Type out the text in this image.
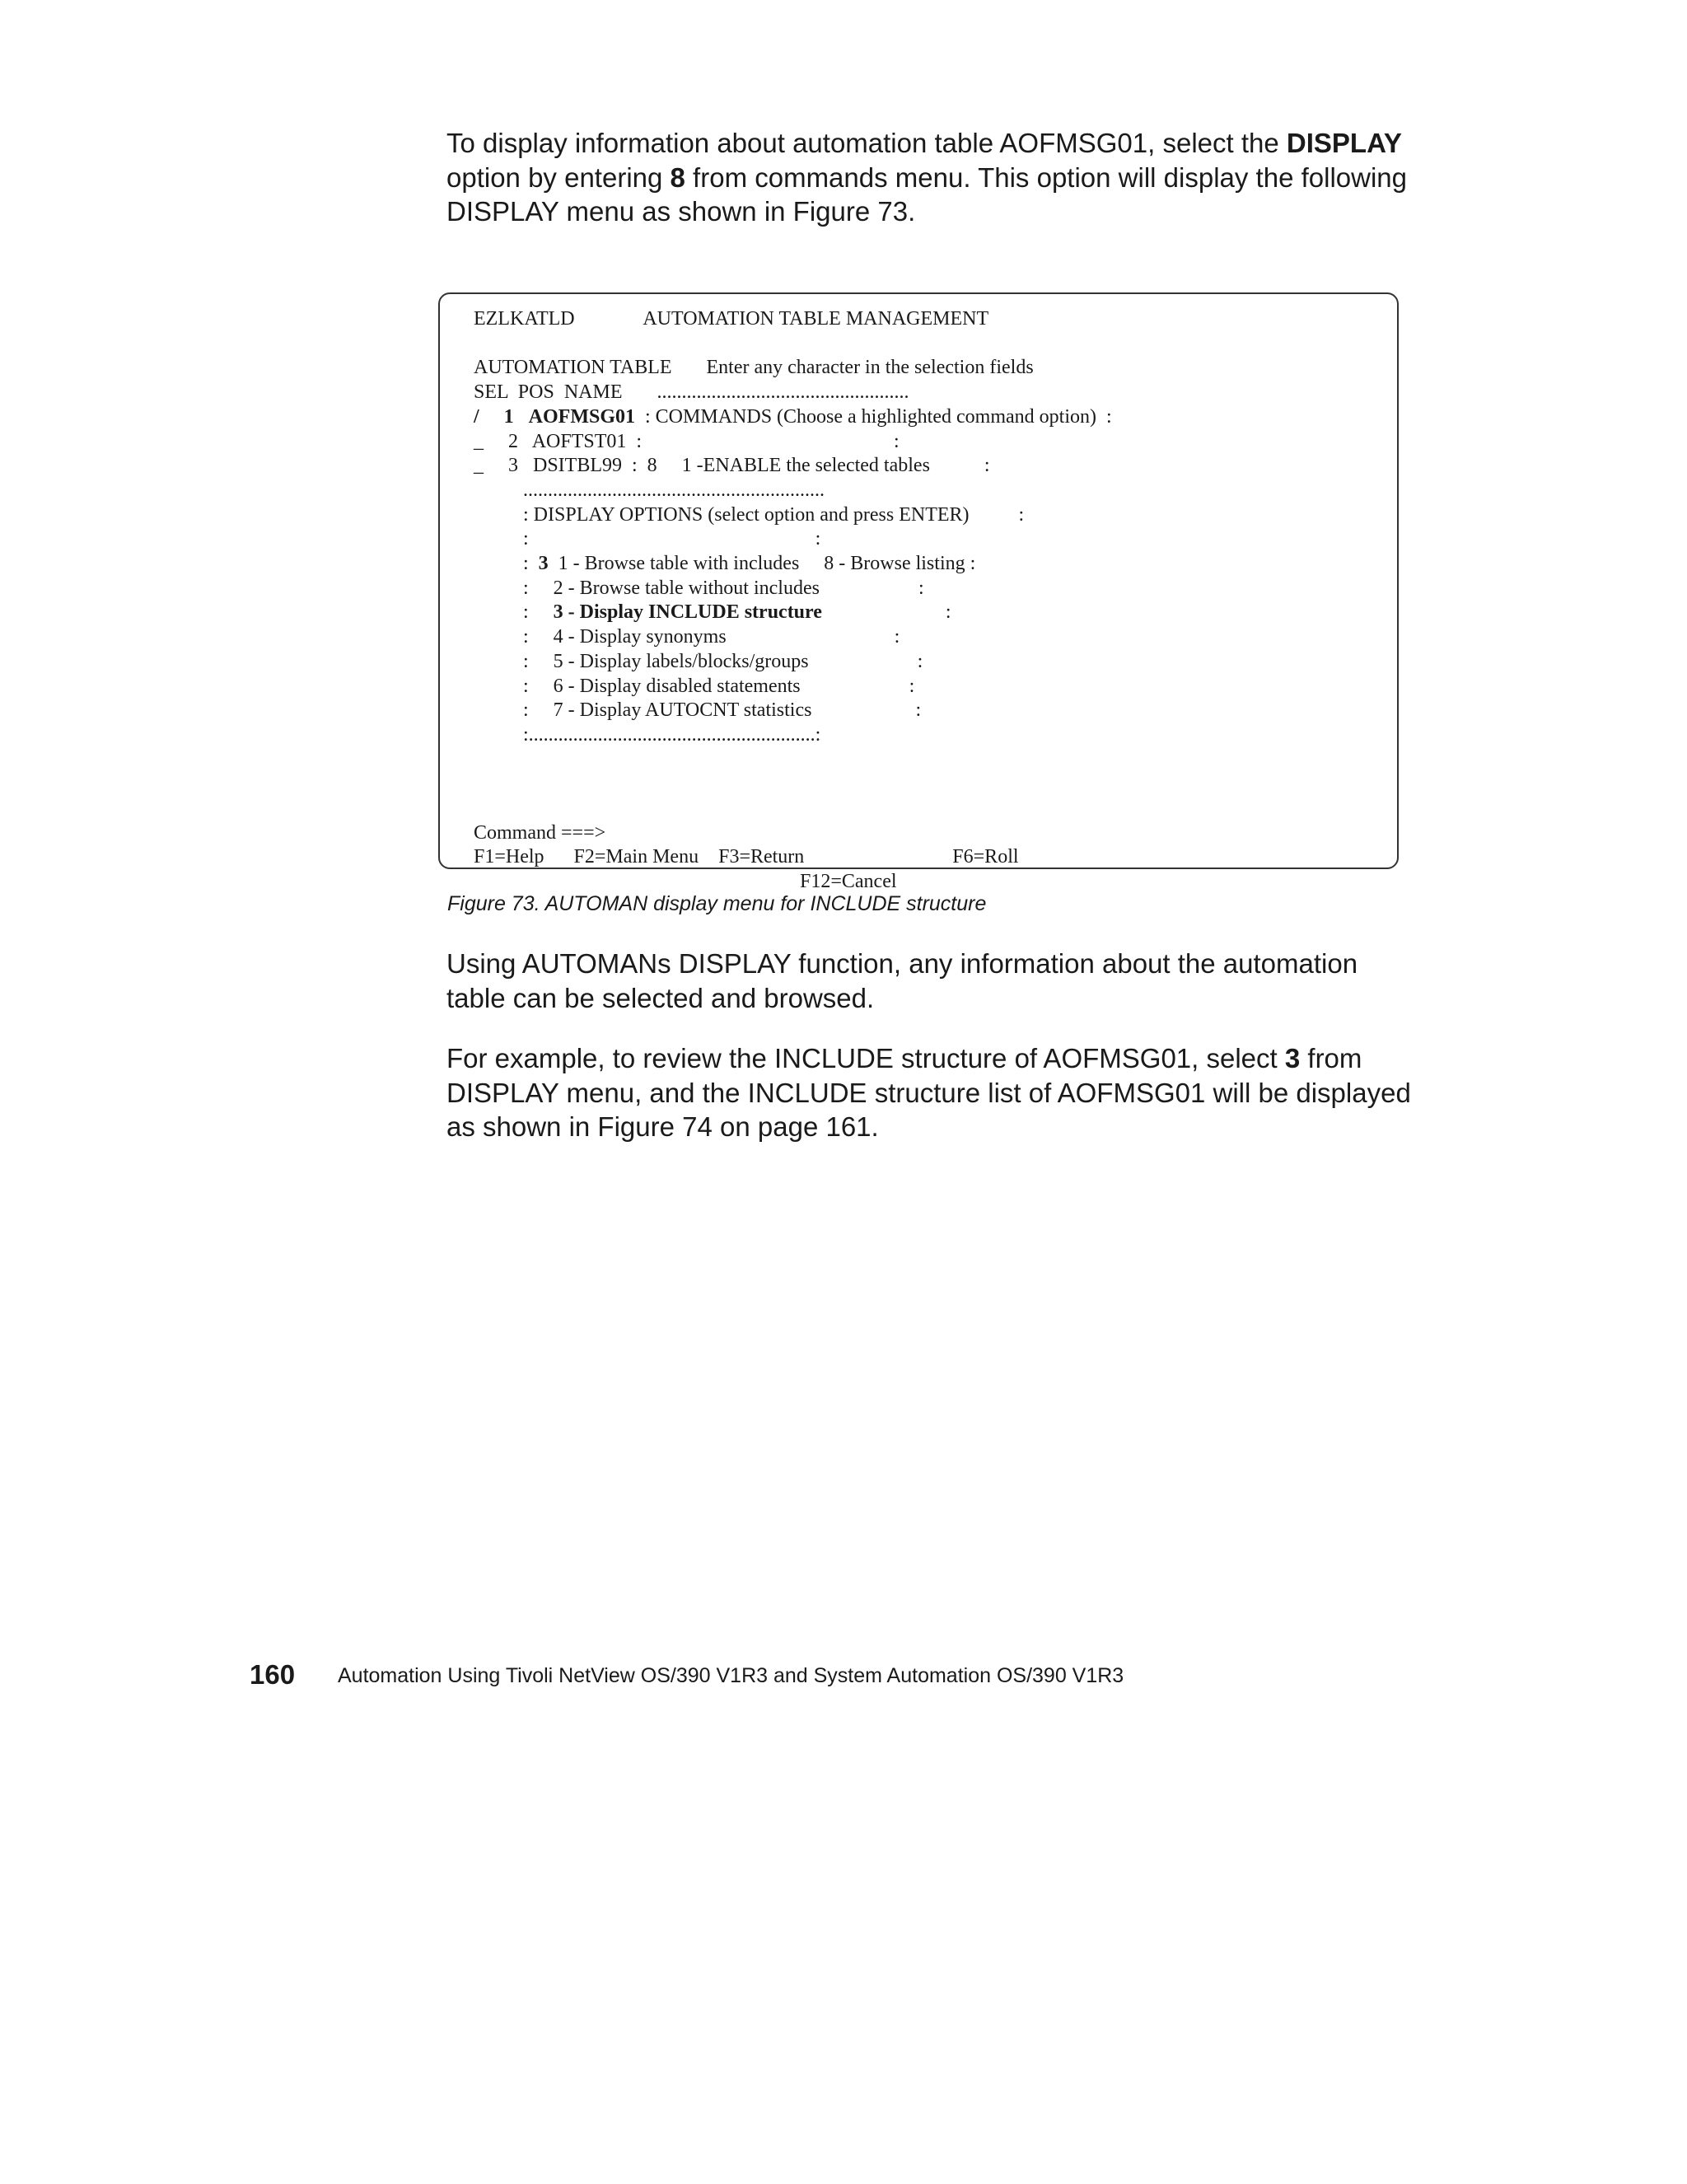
To display information about automation table AOFMSG01, select the DISPLAY option by entering 8 from commands menu. This option will display the following DISPLAY menu as shown in Figure 73.

EZLKATLD	AUTOMATION TABLE MANAGEMENT

AUTOMATION TABLE Enter any character in the selection fields
SEL POS NAME       ...................................................
/ 1 AOFMSG01  : COMMANDS (Choose a highlighted command option)  :
_ 2 AOFTST01  :                                                   :
_ 3 DSITBL99  :  8 1 -ENABLE the selected tables	:
.............................................................
: DISPLAY OPTIONS (select option and press ENTER)	:
:                                                          :
:  3 1 - Browse table with includes 8 - Browse listing :
:     2 - Browse table without includes	:
:     3 - Display INCLUDE structure	:
:     4 - Display synonyms	:
:     5 - Display labels/blocks/groups	:
:     6 - Display disabled statements	:
:     7 - Display AUTOCNT statistics	:
:..........................................................:

Command ===>
F1=Help F2=Main Menu F3=Return	F6=Roll
F12=Cancel

Figure 73. AUTOMAN display menu for INCLUDE structure

Using AUTOMANs DISPLAY function, any information about the automation table can be selected and browsed.

For example, to review the INCLUDE structure of AOFMSG01, select 3 from DISPLAY menu, and the INCLUDE structure list of AOFMSG01 will be displayed as shown in Figure 74 on page 161.

160 Automation Using Tivoli NetView OS/390 V1R3 and System Automation OS/390 V1R3
